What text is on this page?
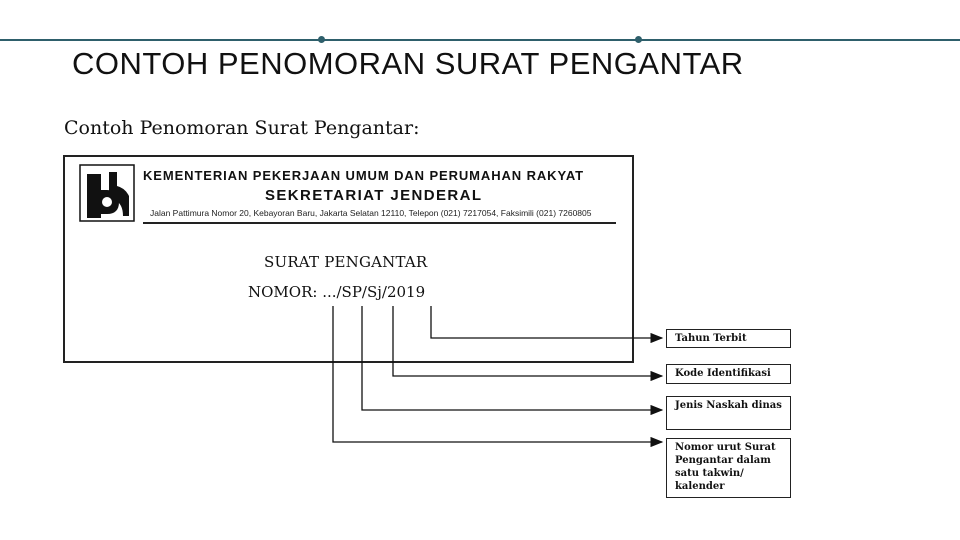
CONTOH PENOMORAN SURAT PENGANTAR
Contoh Penomoran Surat Pengantar:
KEMENTERIAN PEKERJAAN UMUM DAN PERUMAHAN RAKYAT
SEKRETARIAT JENDERAL
Jalan Pattimura Nomor 20, Kebayoran Baru, Jakarta Selatan 12110, Telepon (021) 7217054, Faksimili (021) 7260805
SURAT PENGANTAR
NOMOR: .../SP/Sj/2019
Tahun Terbit
Kode Identifikasi
Jenis Naskah dinas
Nomor urut Surat Pengantar dalam satu takwin/ kalender
